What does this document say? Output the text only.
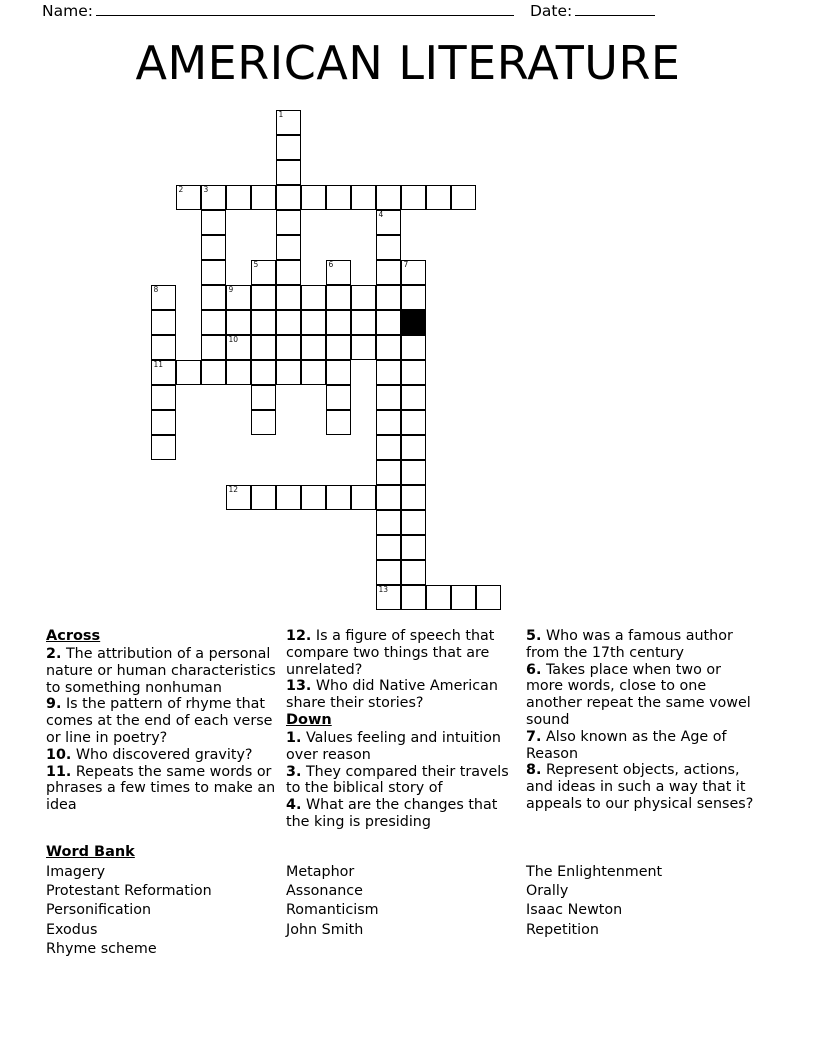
Name:	Date:
AMERICAN LITERATURE
1
2	3
4
5	6	7
8
11
9
10
12
13
Across

2. The attribution of a personal nature or human characteristics to something nonhuman

9. Is the pattern of rhyme that comes at the end of each verse or line in poetry?

10. Who discovered gravity?

11. Repeats the same words or phrases a few times to make an idea

12. Is a figure of speech that compare two things that are unrelated?

13. Who did Native American share their stories?

Down

1. Values feeling and intuition over reason

3. They compared their travels to the biblical story of

4. What are the changes that the king is presiding

5. Who was a famous author from the 17th century

6. Takes place when two or more words, close to one another repeat the same vowel sound

7. Also known as the Age of Reason

8. Represent objects, actions, and ideas in such a way that it appeals to our physical senses?

Word Bank
Imagery
Protestant Reformation
Personification
Exodus
Rhyme scheme
Metaphor
Assonance
Romanticism
John Smith
The Enlightenment
Orally
Isaac Newton
Repetition
